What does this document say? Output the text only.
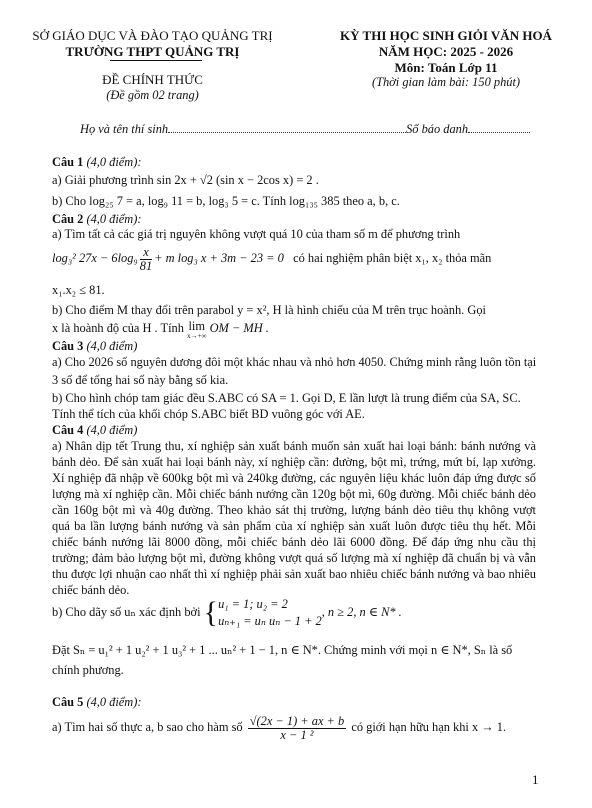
SỞ GIÁO DỤC VÀ ĐÀO TẠO QUẢNG TRỊ
TRƯỜNG THPT QUẢNG TRỊ
ĐỀ CHÍNH THỨC
(Đề gồm 02 trang)
KỲ THI HỌC SINH GIỎI VĂN HOÁ
NĂM HỌC: 2025 - 2026
Môn: Toán Lớp 11
(Thời gian làm bài: 150 phút)
Họ và tên thí sinh	Số báo danh
Câu 1 (4,0 điểm):
a) Giải phương trình sin 2x + √2 (sin x − 2cos x) = 2 .
b) Cho log₂₅ 7 = a, log₉ 11 = b, log₃ 5 = c. Tính log₁₃₅ 385 theo a, b, c.
Câu 2 (4,0 điểm):
a) Tìm tất cả các giá trị nguyên không vượt quá 10 của tham số m để phương trình
log₃² $27x - 6\log_9 \frac{x}{81} + m$ log₃ x + 3m − 23 = 0 có hai nghiệm phân biệt x₁, x₂ thỏa mãn
x₁.x₂ ≤ 81.
b) Cho điểm M thay đổi trên parabol y = x², H là hình chiếu của M trên trục hoành. Gọi
x là hoành độ của H . Tính lim
x→+∞
OM − MH .
Câu 3 (4,0 điểm)
a) Cho 2026 số nguyên dương đôi một khác nhau và nhỏ hơn 4050. Chứng minh rằng luôn tồn tại
3 số để tổng hai số này bằng số kia.
b) Cho hình chóp tam giác đều S.ABC có SA = 1. Gọi D, E lần lượt là trung điểm của SA, SC.
Tính thể tích của khối chóp S.ABC biết BD vuông góc với AE.
Câu 4 (4,0 điểm)
a) Nhân dịp tết Trung thu, xí nghiệp sản xuất bánh muốn sản xuất hai loại bánh: bánh nướng và bánh dẻo. Để sản xuất hai loại bánh này, xí nghiệp cần: đường, bột mì, trứng, mứt bí, lạp xưởng. Xí nghiệp đã nhập về 600kg bột mì và 240kg đường, các nguyên liệu khác luôn đáp ứng được số lượng mà xí nghiệp cần. Mỗi chiếc bánh nướng cần 120g bột mì, 60g đường. Mỗi chiếc bánh dẻo cần 160g bột mì và 40g đường. Theo khảo sát thị trường, lượng bánh dẻo tiêu thụ không vượt quá ba lần lượng bánh nướng và sản phẩm của xí nghiệp sản xuất luôn được tiêu thụ hết. Mỗi chiếc bánh nướng lãi 8000 đồng, mỗi chiếc bánh dẻo lãi 6000 đồng. Để đáp ứng nhu cầu thị trường; đảm bảo lượng bột mì, đường không vượt quá số lượng mà xí nghiệp đã chuẩn bị và vẫn thu được lợi nhuận cao nhất thì xí nghiệp phải sản xuất bao nhiêu chiếc bánh nướng và bao nhiêu chiếc bánh dẻo.
b) Cho dãy số uₙ xác định bởi { u₁ = 1; u₂ = 2
uₙ₊₁ = uₙ uₙ − 1 + 2
, n ≥ 2, n ∈ N* .
Đặt Sₙ = u₁² + 1 u₂² + 1 u₃² + 1 ... uₙ² + 1 − 1, n ∈ N*. Chứng minh với mọi n ∈ N*, Sₙ là số
chính phương.
Câu 5 (4,0 điểm):
a) Tìm hai số thực a, b sao cho hàm số $\frac{√(2x - 1) + ax + b}{\text{x − 1 ²}}$ có giới hạn hữu hạn khi x → 1.
1
